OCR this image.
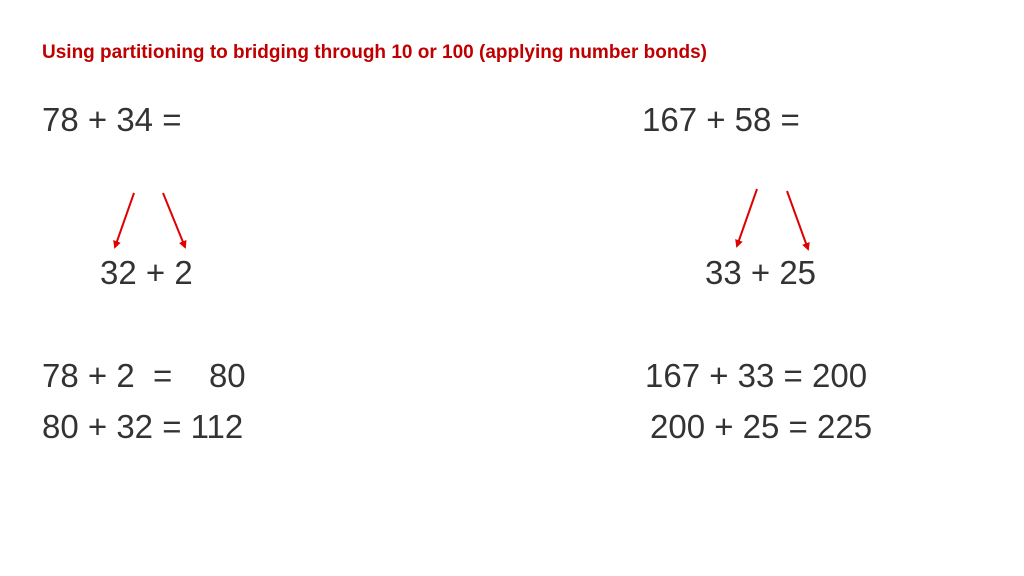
Using partitioning to bridging through 10 or 100 (applying number bonds)
78 + 34 =
32 + 2
78 + 2  =    80
80 + 32 = 112
167 + 58 =
33 + 25
167 + 33 = 200
200 + 25 = 225
